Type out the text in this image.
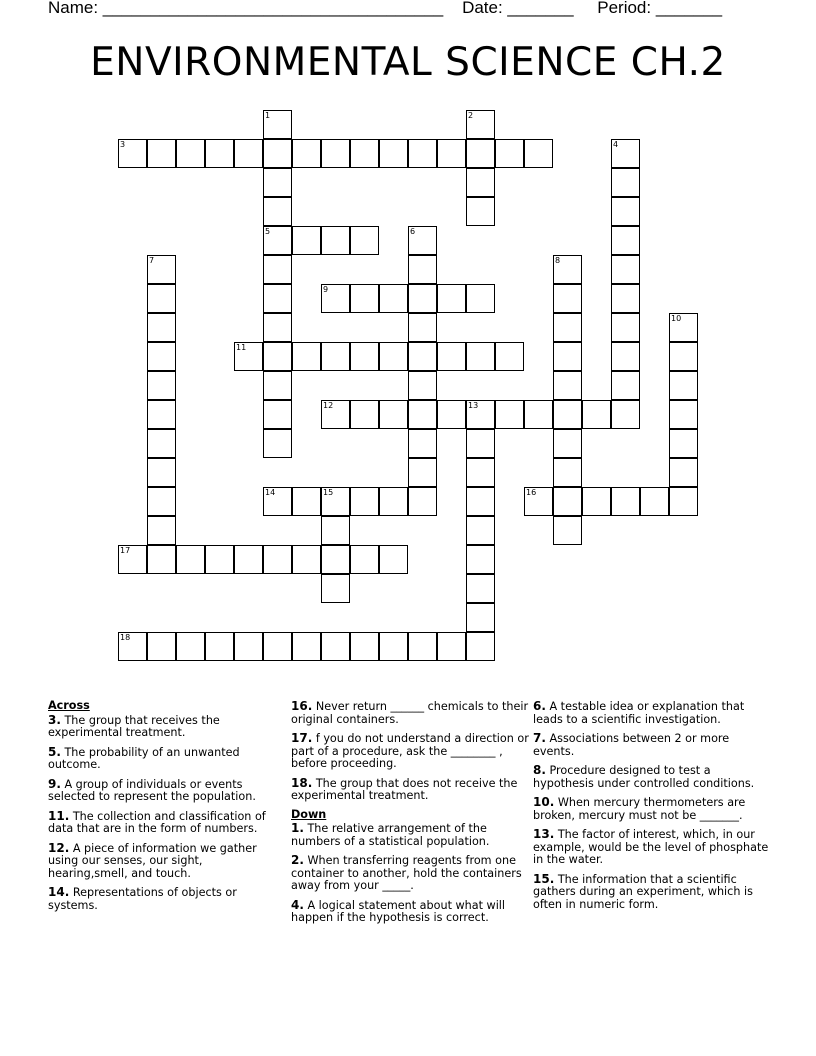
Name: ____________________________________ Date: _______ Period: _______
ENVIRONMENTAL SCIENCE CH.2
1
5
2
3	4
6
7	8
9
10
11
12	13
14	15	16
17
18
Across
3. The group that receives the experimental treatment.
5. The probability of an unwanted outcome.
9. A group of individuals or events selected to represent the population.
11. The collection and classification of data that are in the form of numbers.
12. A piece of information we gather using our senses, our sight, hearing,smell, and touch.
14. Representations of objects or systems.
16. Never return ______ chemicals to their original containers.
17. f you do not understand a direction or part of a procedure, ask the ________ , before proceeding.
18. The group that does not receive the experimental treatment.
Down
1. The relative arrangement of the numbers of a statistical population.
2. When transferring reagents from one container to another, hold the containers away from your _____.
4. A logical statement about what will happen if the hypothesis is correct.
6. A testable idea or explanation that leads to a scientific investigation.
7. Associations between 2 or more events.
8. Procedure designed to test a hypothesis under controlled conditions.
10. When mercury thermometers are broken, mercury must not be _______.
13. The factor of interest, which, in our example, would be the level of phosphate in the water.
15. The information that a scientific gathers during an experiment, which is often in numeric form.
